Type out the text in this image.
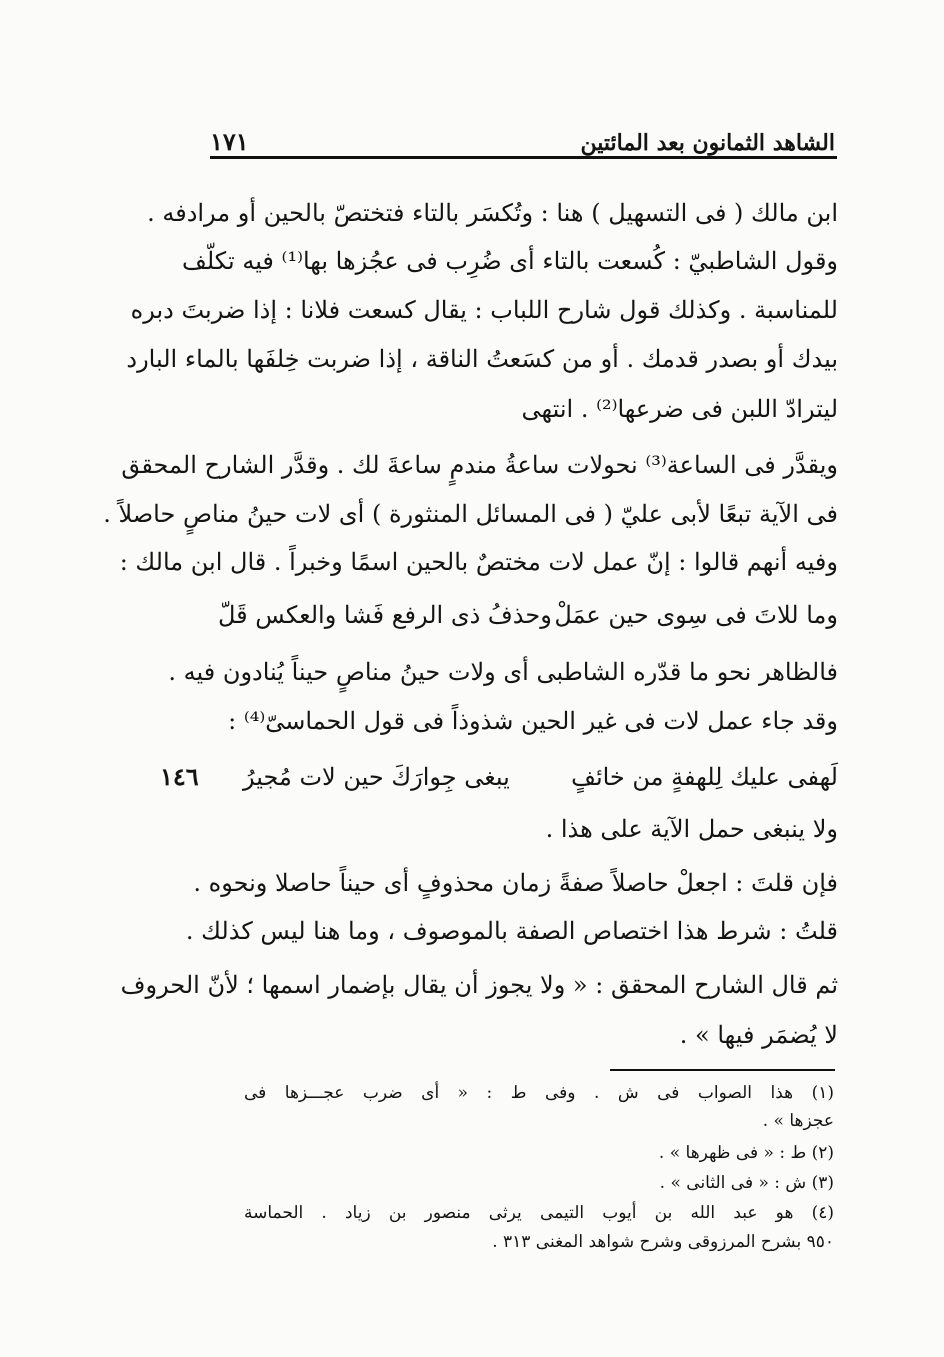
الشاهد الثمانون بعد المائتين
١٧١
ابن مالك ( فى التسهيل ) هنا : وتُكسَر بالتاء فتختصّ بالحين أو مرادفه .
وقول الشاطبيّ : كُسعت بالتاء أى ضُرِب فى عجُزها بها⁽¹⁾ فيه تكلّف
للمناسبة . وكذلك قول شارح اللباب : يقال كسعت فلانا : إذا ضربتَ دبره
بيدك أو بصدر قدمك . أو من كسَعتُ الناقة ، إذا ضربت خِلفَها بالماء البارد
ليترادّ اللبن فى ضرعها⁽²⁾ . انتهى
ويقدَّر فى الساعة⁽³⁾ نحولات ساعةُ مندمٍ ساعةَ لك . وقدَّر الشارح المحقق
فى الآية تبعًا لأبى عليّ ( فى المسائل المنثورة ) أى لات حينُ مناصٍ حاصلاً .
وفيه أنهم قالوا : إنّ عمل لات مختصٌ بالحين اسمًا وخبراً . قال ابن مالك :
وما للاتَ فى سِوى حين عمَلْ
وحذفُ ذى الرفع فَشا والعكس قَلّ
فالظاهر نحو ما قدّره الشاطبى أى ولات حينُ مناصٍ حيناً يُنادون فيه .
وقد جاء عمل لات فى غير الحين شذوذاً فى قول الحماسىّ⁽⁴⁾ :
لَهفى عليك لِلهفةٍ من خائفٍ
يبغى جِوارَكَ حين لات مُجيرُ
١٤٦
ولا ينبغى حمل الآية على هذا .
فإن قلتَ : اجعلْ حاصلاً صفةً زمان محذوفٍ أى حيناً حاصلا ونحوه .
قلتُ : شرط هذا اختصاص الصفة بالموصوف ، وما هنا ليس كذلك .
ثم قال الشارح المحقق : « ولا يجوز أن يقال بإضمار اسمها ؛ لأنّ الحروف
لا يُضمَر فيها » .
(١) هذا الصواب فى ش . وفى ط : « أى ضرب عجـــزها فى
عجزها » .
(٢) ط : « فى ظهرها » .
(٣) ش : « فى الثانى » .
(٤) هو عبد الله بن أيوب التيمى يرثى منصور بن زياد . الحماسة
٩٥٠ بشرح المرزوقى وشرح شواهد المغنى ٣١٣ .
